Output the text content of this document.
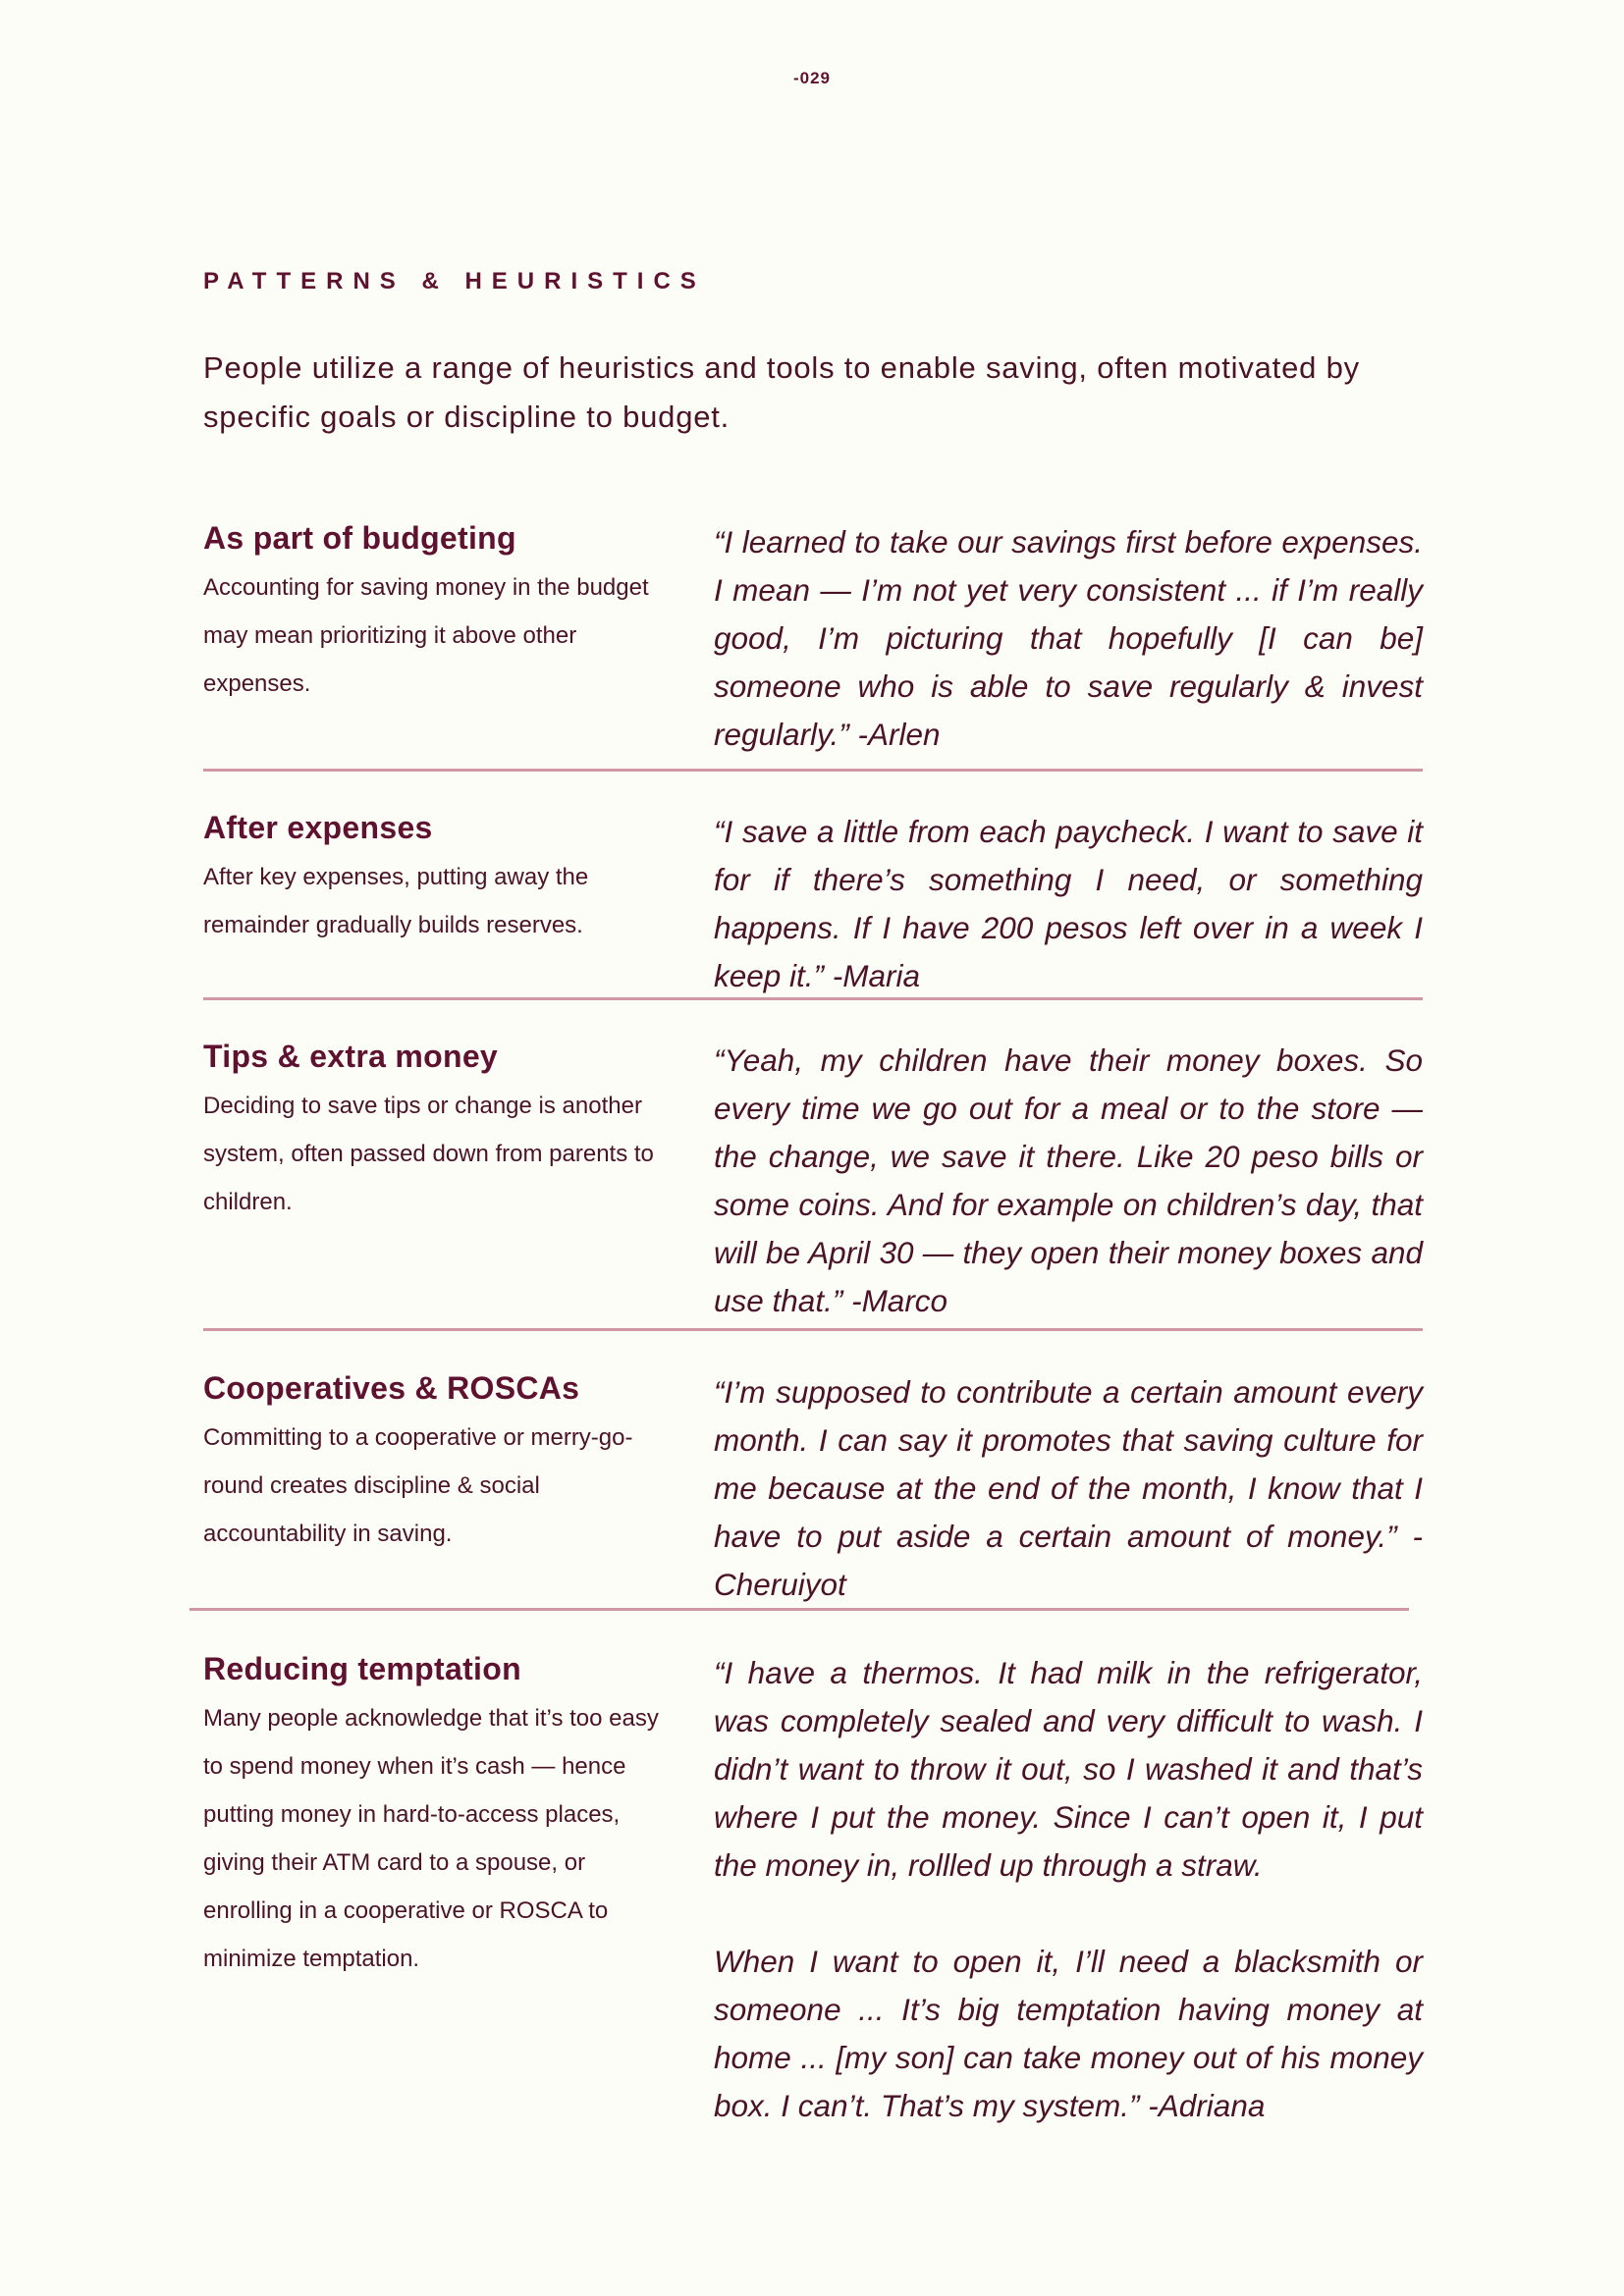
-029
PATTERNS & HEURISTICS

People utilize a range of heuristics and tools to enable saving, often motivated by specific goals or discipline to budget.

As part of budgeting

Accounting for saving money in the budget may mean prioritizing it above other expenses.

“I learned to take our savings first before expenses. I mean — I’m not yet very consistent ... if I’m really good, I’m picturing that hopefully [I can be] someone who is able to save regularly & invest regularly.” -Arlen

After expenses

After key expenses, putting away the remainder gradually builds reserves.

“I save a little from each paycheck. I want to save it for if there’s something I need, or something happens. If I have 200 pesos left over in a week I keep it.” -Maria

Tips & extra money

Deciding to save tips or change is another system, often passed down from parents to children.

“Yeah, my children have their money boxes. So every time we go out for a meal or to the store — the change, we save it there. Like 20 peso bills or some coins. And for example on children’s day, that will be April 30 — they open their money boxes and use that.” -Marco

Cooperatives & ROSCAs

Committing to a cooperative or merry-go-round creates discipline & social accountability in saving.

“I’m supposed to contribute a certain amount every month. I can say it promotes that saving culture for me because at the end of the month, I know that I have to put aside a certain amount of money.” -Cheruiyot

Reducing temptation

Many people acknowledge that it’s too easy to spend money when it’s cash — hence putting money in hard-to-access places, giving their ATM card to a spouse, or enrolling in a cooperative or ROSCA to minimize temptation.

“I have a thermos. It had milk in the refrigerator, was completely sealed and very difficult to wash. I didn’t want to throw it out, so I washed it and that’s where I put the money. Since I can’t open it, I put the money in, rollled up through a straw.
When I want to open it, I’ll need a blacksmith or someone ... It’s big temptation having money at home ... [my son] can take money out of his money box. I can’t. That’s my system.” -Adriana
